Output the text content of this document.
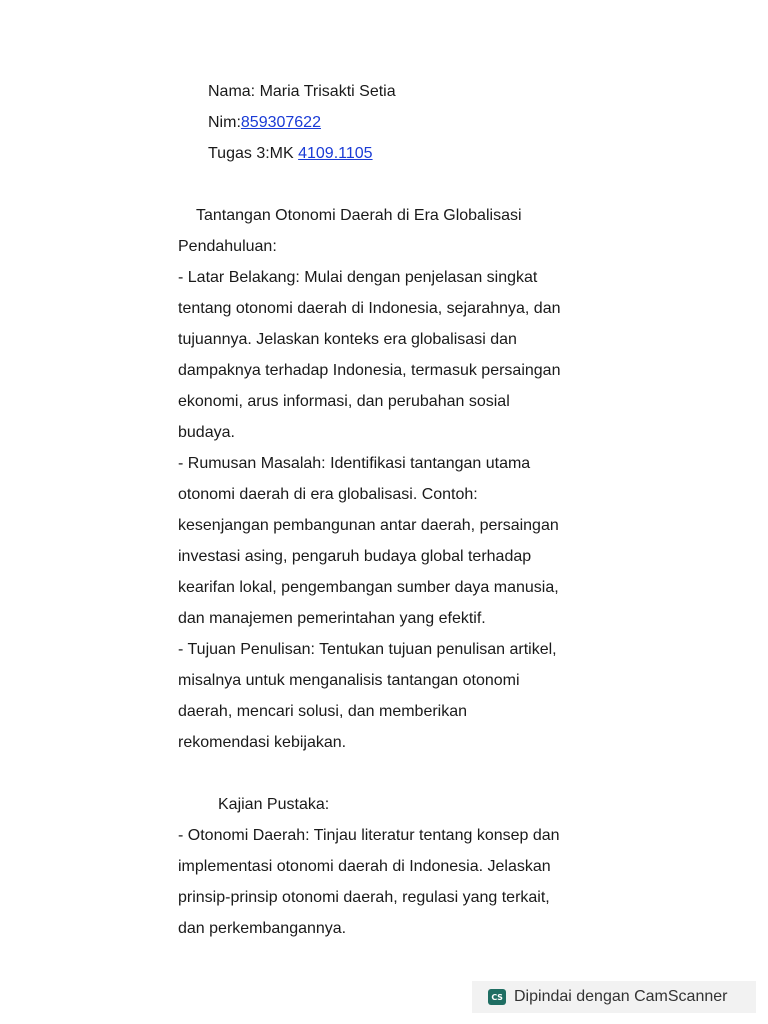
Nama: Maria Trisakti Setia
Nim:859307622
Tugas 3:MK 4109.1105
Tantangan Otonomi Daerah di Era Globalisasi
Pendahuluan:
- Latar Belakang: Mulai dengan penjelasan singkat
tentang otonomi daerah di Indonesia, sejarahnya, dan
tujuannya. Jelaskan konteks era globalisasi dan
dampaknya terhadap Indonesia, termasuk persaingan
ekonomi, arus informasi, dan perubahan sosial
budaya.
- Rumusan Masalah: Identifikasi tantangan utama
otonomi daerah di era globalisasi. Contoh:
kesenjangan pembangunan antar daerah, persaingan
investasi asing, pengaruh budaya global terhadap
kearifan lokal, pengembangan sumber daya manusia,
dan manajemen pemerintahan yang efektif.
- Tujuan Penulisan: Tentukan tujuan penulisan artikel,
misalnya untuk menganalisis tantangan otonomi
daerah, mencari solusi, dan memberikan
rekomendasi kebijakan.
Kajian Pustaka:
- Otonomi Daerah: Tinjau literatur tentang konsep dan
implementasi otonomi daerah di Indonesia. Jelaskan
prinsip-prinsip otonomi daerah, regulasi yang terkait,
dan perkembangannya.
CS Dipindai dengan CamScanner
